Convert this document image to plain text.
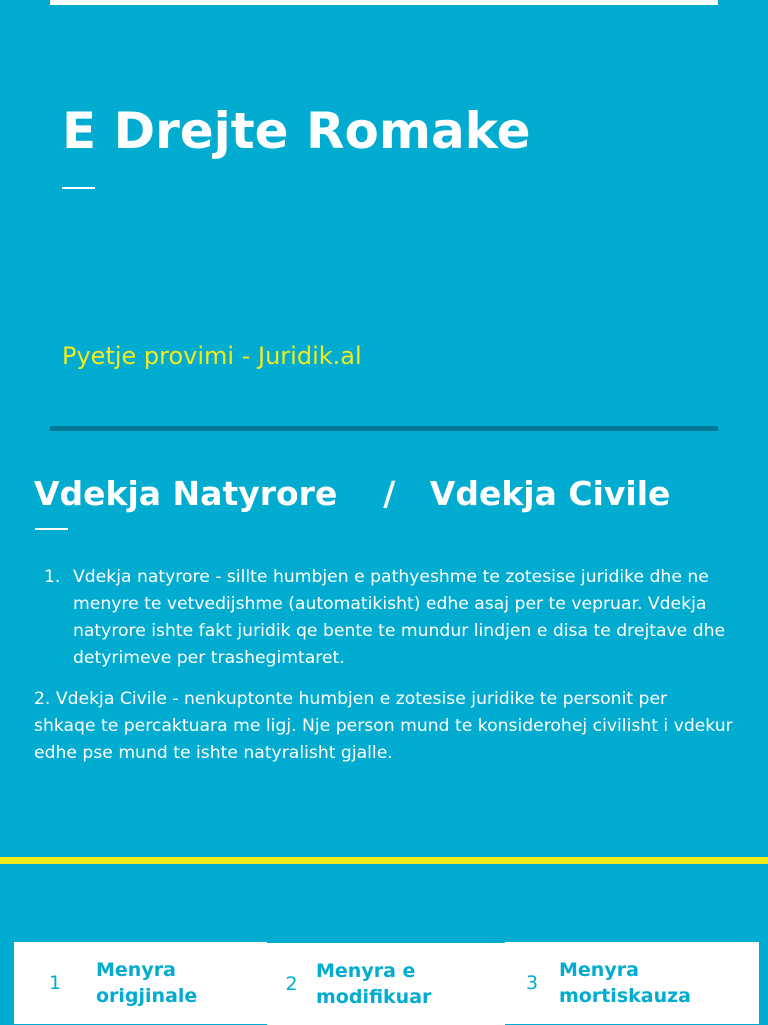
E Drejte Romake
Pyetje provimi - Juridik.al
Vdekja Natyrore    /   Vdekja Civile
1. Vdekja natyrore - sillte humbjen e pathyeshme te zotesise juridike dhe ne menyre te vetvedijshme (automatikisht) edhe asaj per te vepruar. Vdekja natyrore ishte fakt juridik qe bente te mundur lindjen e disa te drejtave dhe detyrimeve per trashegimtaret.
2. Vdekja Civile - nenkuptonte humbjen e zotesise juridike te personit per shkaqe te percaktuara me ligj. Nje person mund te konsiderohej civilisht i vdekur edhe pse mund te ishte natyralisht gjalle.
1
Menyra origjinale
2
Menyra e modifikuar
3
Menyra mortiskauza
